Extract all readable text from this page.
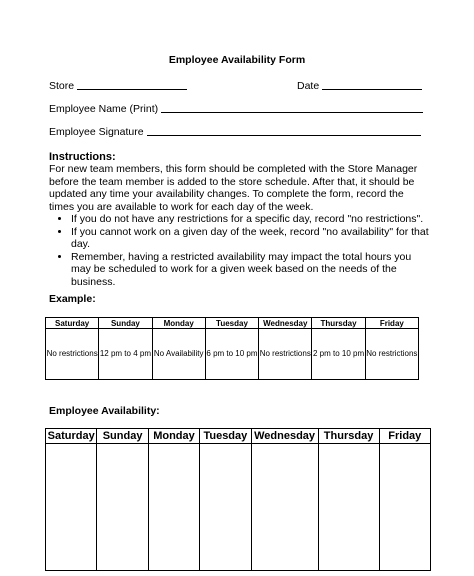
Employee Availability Form
Store	Date
Employee Name (Print)
Employee Signature
Instructions:

For new team members, this form should be completed with the Store Manager before the team member is added to the store schedule. After that, it should be updated any time your availability changes. To complete the form, record the times you are available to work for each day of the week.

• If you do not have any restrictions for a specific day, record "no restrictions".
• If you cannot work on a given day of the week, record "no availability" for that day.
• Remember, having a restricted availability may impact the total hours you may be scheduled to work for a given week based on the needs of the business.
Example:
Saturday	Sunday	Monday	Tuesday	Wednesday	Thursday	Friday
No restrictions	12 pm to 4 pm	No Availability	6 pm to 10 pm	No restrictions	2 pm to 10 pm	No restrictions
Employee Availability:
Saturday	Sunday	Monday	Tuesday	Wednesday	Thursday	Friday
